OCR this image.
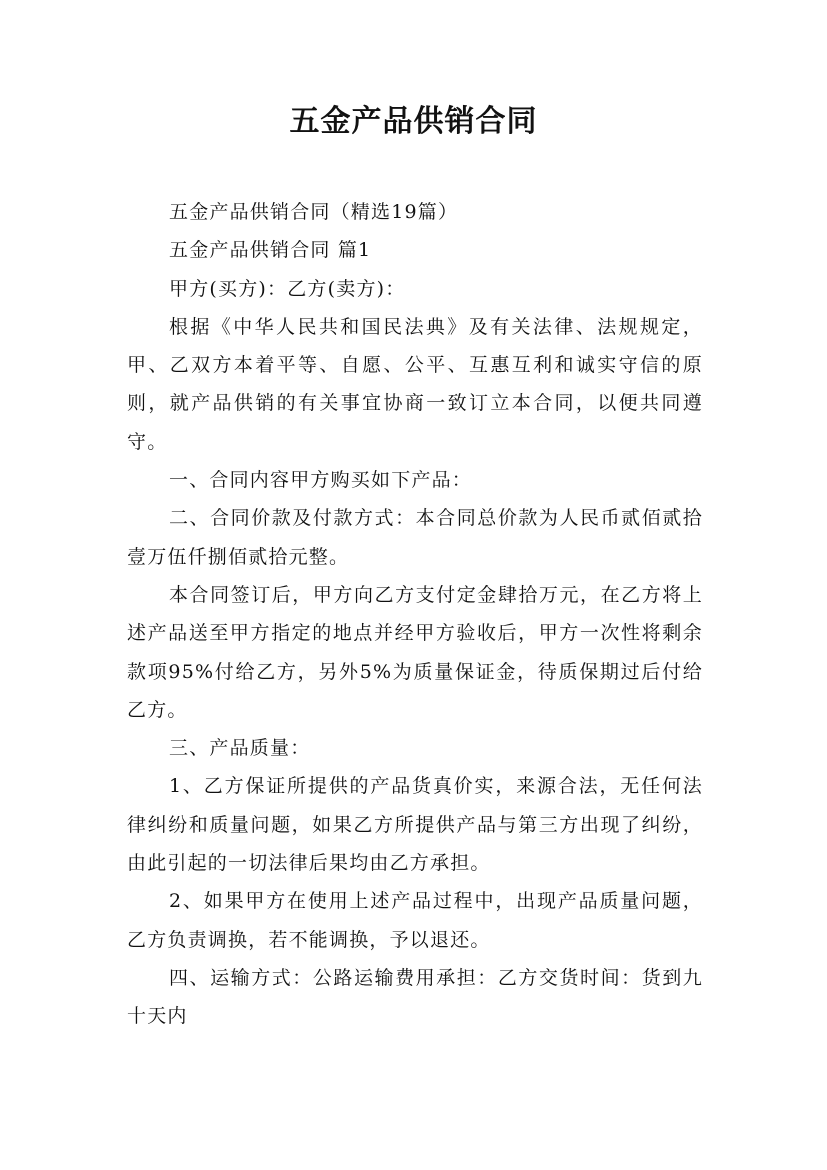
五金产品供销合同

五金产品供销合同（精选19篇）

五金产品供销合同 篇1

甲方(买方)：乙方(卖方)：

根据《中华人民共和国民法典》及有关法律、法规规定，甲、乙双方本着平等、自愿、公平、互惠互利和诚实守信的原则，就产品供销的有关事宜协商一致订立本合同，以便共同遵守。

一、合同内容甲方购买如下产品：

二、合同价款及付款方式：本合同总价款为人民币贰佰贰拾壹万伍仟捌佰贰拾元整。

本合同签订后，甲方向乙方支付定金肆拾万元，在乙方将上述产品送至甲方指定的地点并经甲方验收后，甲方一次性将剩余款项95%付给乙方，另外5%为质量保证金，待质保期过后付给乙方。

三、产品质量：

1、乙方保证所提供的产品货真价实，来源合法，无任何法律纠纷和质量问题，如果乙方所提供产品与第三方出现了纠纷，由此引起的一切法律后果均由乙方承担。

2、如果甲方在使用上述产品过程中，出现产品质量问题，乙方负责调换，若不能调换，予以退还。

四、运输方式：公路运输费用承担：乙方交货时间：货到九十天内
